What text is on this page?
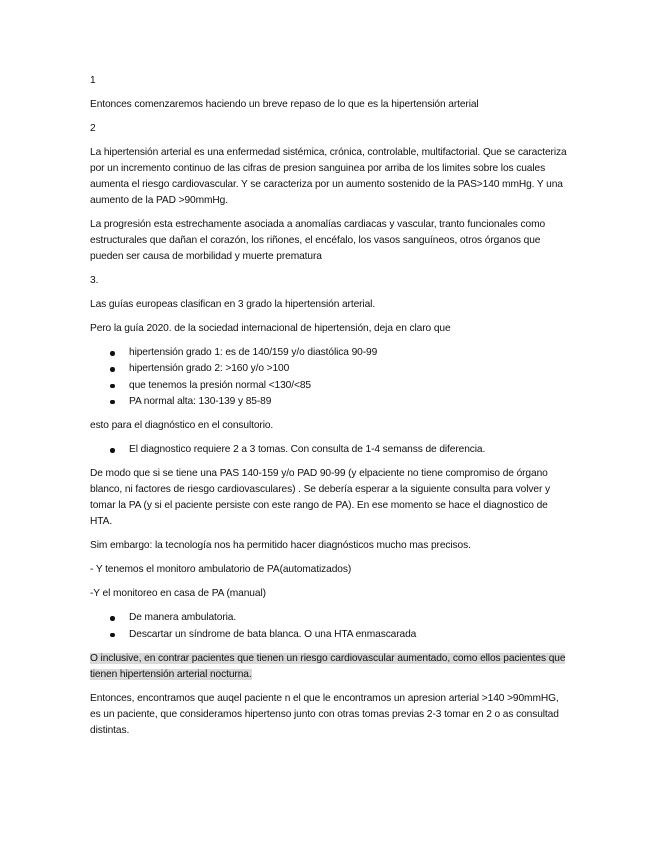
1

Entonces comenzaremos haciendo un breve repaso de lo que es la hipertensión arterial

2

La hipertensión arterial es una enfermedad sistémica, crónica, controlable, multifactorial. Que se caracteriza por un incremento continuo de las cifras de presion sanguinea por arriba de los limites sobre los cuales aumenta el riesgo cardiovascular. Y se caracteriza por un aumento sostenido de la PAS>140 mmHg. Y una aumento de la PAD >90mmHg.

La progresión esta estrechamente asociada a anomalías cardiacas y vascular, tranto funcionales como estructurales que dañan el corazón, los riñones, el encéfalo, los vasos sanguíneos, otros órganos que pueden ser causa de morbilidad y muerte prematura

3.

Las guías europeas clasifican en 3 grado la hipertensión arterial.

Pero la guía 2020. de la sociedad internacional de hipertensión, deja en claro que

hipertensión grado 1: es de 140/159 y/o diastólica 90-99
hipertensión grado 2: >160 y/o >100
que tenemos la presión normal <130/<85
PA normal alta: 130-139 y 85-89

esto para el diagnóstico en el consultorio.

El diagnostico requiere 2 a 3 tomas. Con consulta de 1-4 semanss de diferencia.

De modo que si se tiene una PAS 140-159 y/o PAD 90-99 (y elpaciente no tiene compromiso de órgano blanco, ni factores de riesgo cardiovasculares) . Se debería esperar a la siguiente consulta para volver y tomar la PA (y si el paciente persiste con este rango de PA). En ese momento se hace el diagnostico de HTA.

Sim embargo: la tecnología nos ha permitido hacer diagnósticos mucho mas precisos.

- Y tenemos el monitoro ambulatorio de PA(automatizados)

-Y el monitoreo en casa de PA (manual)

De manera ambulatoria.
Descartar un síndrome de bata blanca. O una HTA enmascarada

O inclusive, en contrar pacientes que tienen un riesgo cardiovascular aumentado, como ellos pacientes que tienen hipertensión arterial nocturna.

Entonces, encontramos que auqel paciente n el que le encontramos un apresion arterial >140 >90mmHG, es un paciente, que consideramos hipertenso junto con otras tomas previas 2-3 tomar en 2 o as consultad distintas.
